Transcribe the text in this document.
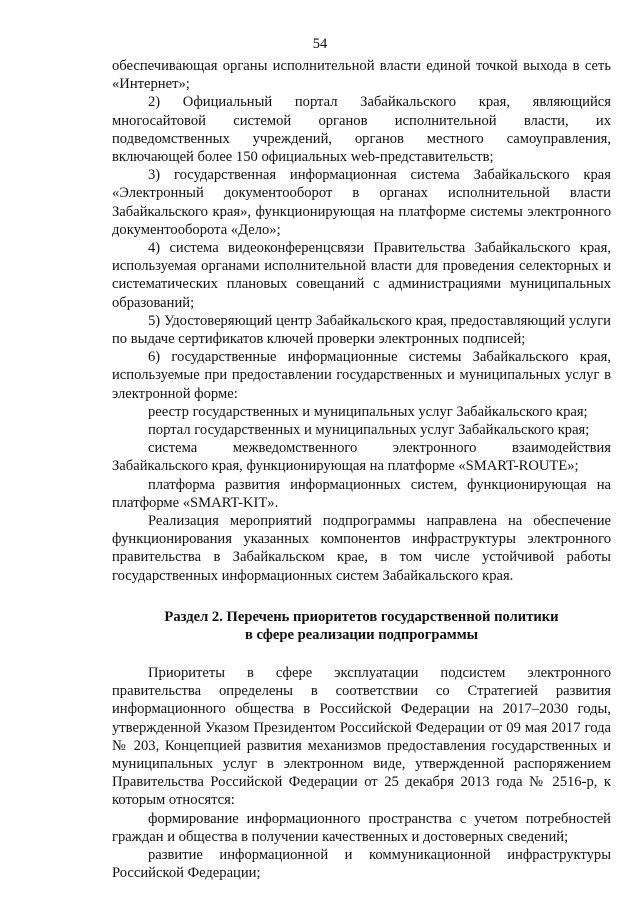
54

обеспечивающая органы исполнительной власти единой точкой выхода в сеть «Интернет»;

2) Официальный портал Забайкальского края, являющийся многосайтовой системой органов исполнительной власти, их подведомственных учреждений, органов местного самоуправления, включающей более 150 официальных web-представительств;

3) государственная информационная система Забайкальского края «Электронный документооборот в органах исполнительной власти Забайкальского края», функционирующая на платформе системы электронного документооборота «Дело»;

4) система видеоконференцсвязи Правительства Забайкальского края, используемая органами исполнительной власти для проведения селекторных и систематических плановых совещаний с администрациями муниципальных образований;

5) Удостоверяющий центр Забайкальского края, предоставляющий услуги по выдаче сертификатов ключей проверки электронных подписей;

6) государственные информационные системы Забайкальского края, используемые при предоставлении государственных и муниципальных услуг в электронной форме:

реестр государственных и муниципальных услуг Забайкальского края;

портал государственных и муниципальных услуг Забайкальского края;

система межведомственного электронного взаимодействия Забайкальского края, функционирующая на платформе «SMART-ROUTE»;

платформа развития информационных систем, функционирующая на платформе «SMART-KIT».

Реализация мероприятий подпрограммы направлена на обеспечение функционирования указанных компонентов инфраструктуры электронного правительства в Забайкальском крае, в том числе устойчивой работы государственных информационных систем Забайкальского края.

Раздел 2. Перечень приоритетов государственной политики
в сфере реализации подпрограммы

Приоритеты в сфере эксплуатации подсистем электронного правительства определены в соответствии со Стратегией развития информационного общества в Российской Федерации на 2017–2030 годы, утвержденной Указом Президентом Российской Федерации от 09 мая 2017 года № 203, Концепцией развития механизмов предоставления государственных и муниципальных услуг в электронном виде, утвержденной распоряжением Правительства Российской Федерации от 25 декабря 2013 года № 2516-р, к которым относятся:

формирование информационного пространства с учетом потребностей граждан и общества в получении качественных и достоверных сведений;

развитие информационной и коммуникационной инфраструктуры Российской Федерации;
